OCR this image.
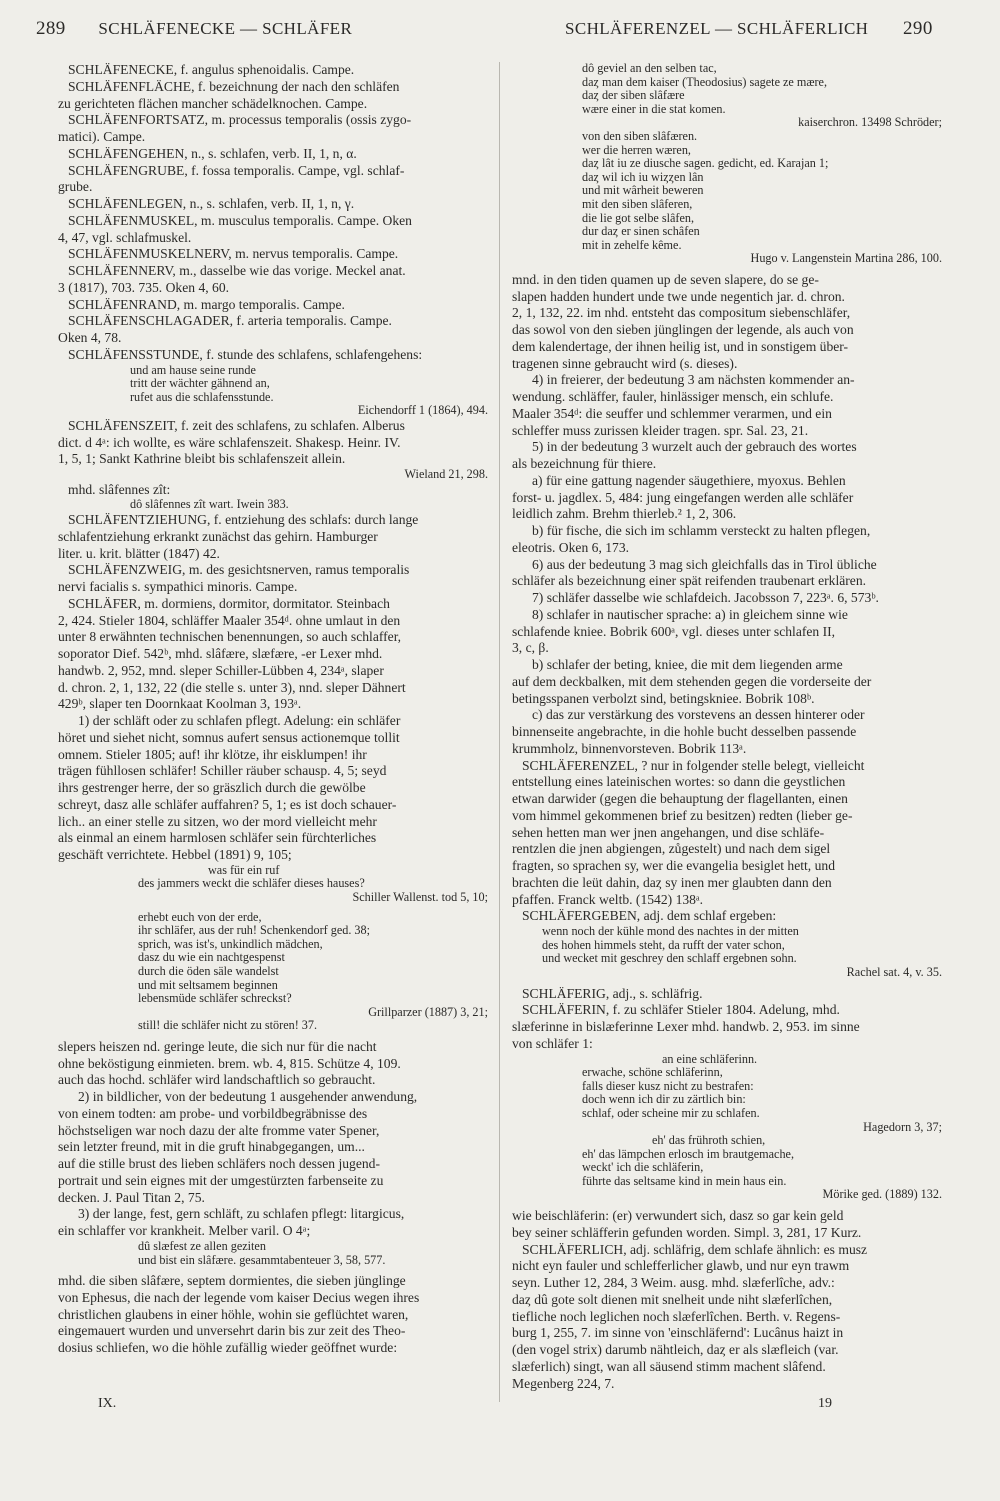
289 SCHLÄFENECKE — SCHLÄFER	SCHLÄFERENZEL — SCHLÄFERLICH 290
SCHLÄFENECKE, f. angulus sphenoidalis. Campe.
SCHLÄFENFLÄCHE, f. bezeichnung der nach den schläfen
zu gerichteten flächen mancher schädelknochen. Campe.
SCHLÄFENFORTSATZ, m. processus temporalis (ossis zygo-
matici). Campe.
SCHLÄFENGEHEN, n., s. schlafen, verb. II, 1, n, α.
SCHLÄFENGRUBE, f. fossa temporalis. Campe, vgl. schlaf-
grube.
SCHLÄFENLEGEN, n., s. schlafen, verb. II, 1, n, γ.
SCHLÄFENMUSKEL, m. musculus temporalis. Campe. Oken
4, 47, vgl. schlafmuskel.
SCHLÄFENMUSKELNERV, m. nervus temporalis. Campe.
SCHLÄFENNERV, m., dasselbe wie das vorige. Meckel anat.
3 (1817), 703. 735. Oken 4, 60.
SCHLÄFENRAND, m. margo temporalis. Campe.
SCHLÄFENSCHLAGADER, f. arteria temporalis. Campe.
Oken 4, 78.
SCHLÄFENSSTUNDE, f. stunde des schlafens, schlafengehens:
und am hause seine runde
tritt der wächter gähnend an,
rufet aus die schlafensstunde.
Eichendorff 1 (1864), 494.
SCHLÄFENSZEIT, f. zeit des schlafens, zu schlafen. Alberus
dict. d 4ᵃ: ich wollte, es wäre schlafenszeit. Shakesp. Heinr. IV.
1, 5, 1; Sankt Kathrine bleibt bis schlafenszeit allein.
Wieland 21, 298.
mhd. slâfennes zît:
dô slâfennes zît wart. Iwein 383.
SCHLÄFENTZIEHUNG, f. entziehung des schlafs: durch lange
schlafentziehung erkrankt zunächst das gehirn. Hamburger
liter. u. krit. blätter (1847) 42.
SCHLÄFENZWEIG, m. des gesichtsnerven, ramus temporalis
nervi facialis s. sympathici minoris. Campe.
SCHLÄFER, m. dormiens, dormitor, dormitator. Steinbach
2, 424. Stieler 1804, schläffer Maaler 354ᵈ. ohne umlaut in den
unter 8 erwähnten technischen benennungen, so auch schlaffer,
soporator Dief. 542ᵇ, mhd. slâfære, slæfære, -er Lexer mhd.
handwb. 2, 952, mnd. sleper Schiller-Lübben 4, 234ᵃ, slaper
d. chron. 2, 1, 132, 22 (die stelle s. unter 3), nnd. sleper Dähnert
429ᵇ, slaper ten Doornkaat Koolman 3, 193ᵃ.
1) der schläft oder zu schlafen pflegt. Adelung: ein schläfer
höret und siehet nicht, somnus aufert sensus actionemque tollit
omnem. Stieler 1805; auf! ihr klötze, ihr eisklumpen! ihr
trägen fühllosen schläfer! Schiller räuber schausp. 4, 5; seyd
ihrs gestrenger herre, der so gräszlich durch die gewölbe
schreyt, dasz alle schläfer auffahren? 5, 1; es ist doch schauer-
lich.. an einer stelle zu sitzen, wo der mord vielleicht mehr
als einmal an einem harmlosen schläfer sein fürchterliches
geschäft verrichtete. Hebbel (1891) 9, 105;
was für ein ruf
des jammers weckt die schläfer dieses hauses?
Schiller Wallenst. tod 5, 10;
erhebt euch von der erde,
ihr schläfer, aus der ruh! Schenkendorf ged. 38;
sprich, was ist's, unkindlich mädchen,
dasz du wie ein nachtgespenst
durch die öden säle wandelst
und mit seltsamem beginnen
lebensmüde schläfer schreckst?
Grillparzer (1887) 3, 21;
still! die schläfer nicht zu stören! 37.
slepers heiszen nd. geringe leute, die sich nur für die nacht
ohne beköstigung einmieten. brem. wb. 4, 815. Schütze 4, 109.
auch das hochd. schläfer wird landschaftlich so gebraucht.
2) in bildlicher, von der bedeutung 1 ausgehender anwendung,
von einem todten: am probe- und vorbildbegräbnisse des
höchstseligen war noch dazu der alte fromme vater Spener,
sein letzter freund, mit in die gruft hinabgegangen, um...
auf die stille brust des lieben schläfers noch dessen jugend-
portrait und sein eignes mit der umgestürzten farbenseite zu
decken. J. Paul Titan 2, 75.
3) der lange, fest, gern schläft, zu schlafen pflegt: litargicus,
ein schlaffer vor krankheit. Melber varil. O 4ᵃ;
dû slæfest ze allen geziten
und bist ein slâfære. gesammtabenteuer 3, 58, 577.
mhd. die siben slâfære, septem dormientes, die sieben jünglinge
von Ephesus, die nach der legende vom kaiser Decius wegen ihres
christlichen glaubens in einer höhle, wohin sie geflüchtet waren,
eingemauert wurden und unversehrt darin bis zur zeit des Theo-
dosius schliefen, wo die höhle zufällig wieder geöffnet wurde:
dô geviel an den selben tac,
daȥ man dem kaiser (Theodosius) sagete ze mære,
daȥ der siben slâfære
wære einer in die stat komen.
kaiserchron. 13498 Schröder;
von den siben slâfæren.
wer die herren wæren,
daȥ lât iu ze diusche sagen. gedicht, ed. Karajan 1;
daȥ wil ich iu wiȥȥen lân
und mit wârheit beweren
mit den siben slâferen,
die lie got selbe slâfen,
dur daȥ er sinen schâfen
mit in zehelfe kême.
Hugo v. Langenstein Martina 286, 100.
mnd. in den tiden quamen up de seven slapere, do se ge-
slapen hadden hundert unde twe unde negentich jar. d. chron.
2, 1, 132, 22. im nhd. entsteht das compositum siebenschläfer,
das sowol von den sieben jünglingen der legende, als auch von
dem kalendertage, der ihnen heilig ist, und in sonstigem über-
tragenen sinne gebraucht wird (s. dieses).
4) in freierer, der bedeutung 3 am nächsten kommender an-
wendung. schläffer, fauler, hinlässiger mensch, ein schlufe.
Maaler 354ᵈ: die seuffer und schlemmer verarmen, und ein
schleffer muss zurissen kleider tragen. spr. Sal. 23, 21.
5) in der bedeutung 3 wurzelt auch der gebrauch des wortes
als bezeichnung für thiere.
a) für eine gattung nagender säugethiere, myoxus. Behlen
forst- u. jagdlex. 5, 484: jung eingefangen werden alle schläfer
leidlich zahm. Brehm thierleb.² 1, 2, 306.
b) für fische, die sich im schlamm versteckt zu halten pflegen,
eleotris. Oken 6, 173.
6) aus der bedeutung 3 mag sich gleichfalls das in Tirol übliche
schläfer als bezeichnung einer spät reifenden traubenart erklären.
7) schläfer dasselbe wie schlafdeich. Jacobsson 7, 223ᵃ. 6, 573ᵇ.
8) schlafer in nautischer sprache: a) in gleichem sinne wie
schlafende kniee. Bobrik 600ᵃ, vgl. dieses unter schlafen II,
3, c, β.
b) schlafer der beting, kniee, die mit dem liegenden arme
auf dem deckbalken, mit dem stehenden gegen die vorderseite der
betingsspanen verbolzt sind, betingskniee. Bobrik 108ᵇ.
c) das zur verstärkung des vorstevens an dessen hinterer oder
binnenseite angebrachte, in die hohle bucht desselben passende
krummholz, binnenvorsteven. Bobrik 113ᵃ.
SCHLÄFERENZEL, ? nur in folgender stelle belegt, vielleicht
entstellung eines lateinischen wortes: so dann die geystlichen
etwan darwider (gegen die behauptung der flagellanten, einen
vom himmel gekommenen brief zu besitzen) redten (lieber ge-
sehen hetten man wer jnen angehangen, und dise schläfe-
rentzlen die jnen abgiengen, zůgestelt) und nach dem sigel
fragten, so sprachen sy, wer die evangelia besiglet hett, und
brachten die leüt dahin, daȥ sy inen mer glaubten dann den
pfaffen. Franck weltb. (1542) 138ᵃ.
SCHLÄFERGEBEN, adj. dem schlaf ergeben:
wenn noch der kühle mond des nachtes in der mitten
des hohen himmels steht, da rufft der vater schon,
und wecket mit geschrey den schlaff ergebnen sohn.
Rachel sat. 4, v. 35.
SCHLÄFERIG, adj., s. schläfrig.
SCHLÄFERIN, f. zu schläfer Stieler 1804. Adelung, mhd.
slæferinne in bislæferinne Lexer mhd. handwb. 2, 953. im sinne
von schläfer 1:
an eine schläferinn.
erwache, schöne schläferinn,
falls dieser kusz nicht zu bestrafen:
doch wenn ich dir zu zärtlich bin:
schlaf, oder scheine mir zu schlafen.
Hagedorn 3, 37;
eh' das frühroth schien,
eh' das lämpchen erlosch im brautgemache,
weckt' ich die schläferin,
führte das seltsame kind in mein haus ein.
Mörike ged. (1889) 132.
wie beischläferin: (er) verwundert sich, dasz so gar kein geld
bey seiner schläfferin gefunden worden. Simpl. 3, 281, 17 Kurz.
SCHLÄFERLICH, adj. schläfrig, dem schlafe ähnlich: es musz
nicht eyn fauler und schlefferlicher glawb, und nur eyn trawm
seyn. Luther 12, 284, 3 Weim. ausg. mhd. slæferlîche, adv.:
daȥ dû gote solt dienen mit snelheit unde niht slæferlîchen,
tiefliche noch leglichen noch slæferlîchen. Berth. v. Regens-
burg 1, 255, 7. im sinne von 'einschläfernd': Lucânus haizt in
(den vogel strix) darumb nähtleich, daȥ er als slæfleich (var.
slæferlich) singt, wan all säusend stimm machent slâfend.
Megenberg 224, 7.
IX.	19
